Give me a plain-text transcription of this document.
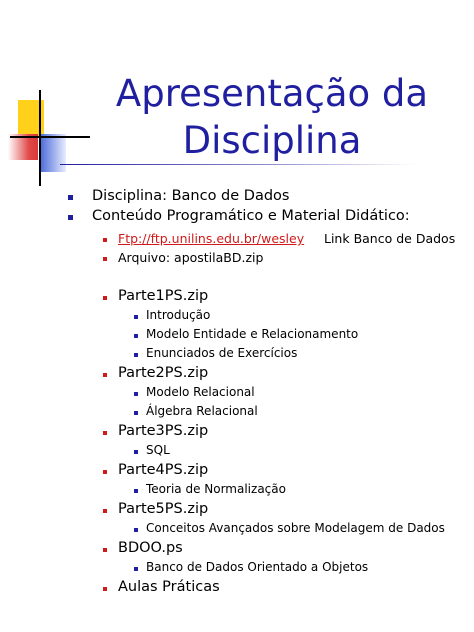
Apresentação da
Disciplina
Disciplina: Banco de Dados
Conteúdo Programático e Material Didático:
Ftp://ftp.unilins.edu.br/wesley Link Banco de Dados
Arquivo: apostilaBD.zip
Parte1PS.zip
Introdução
Modelo Entidade e Relacionamento
Enunciados de Exercícios
Parte2PS.zip
Modelo Relacional
Álgebra Relacional
Parte3PS.zip
SQL
Parte4PS.zip
Teoria de Normalização
Parte5PS.zip
Conceitos Avançados sobre Modelagem de Dados
BDOO.ps
Banco de Dados Orientado a Objetos
Aulas Práticas
